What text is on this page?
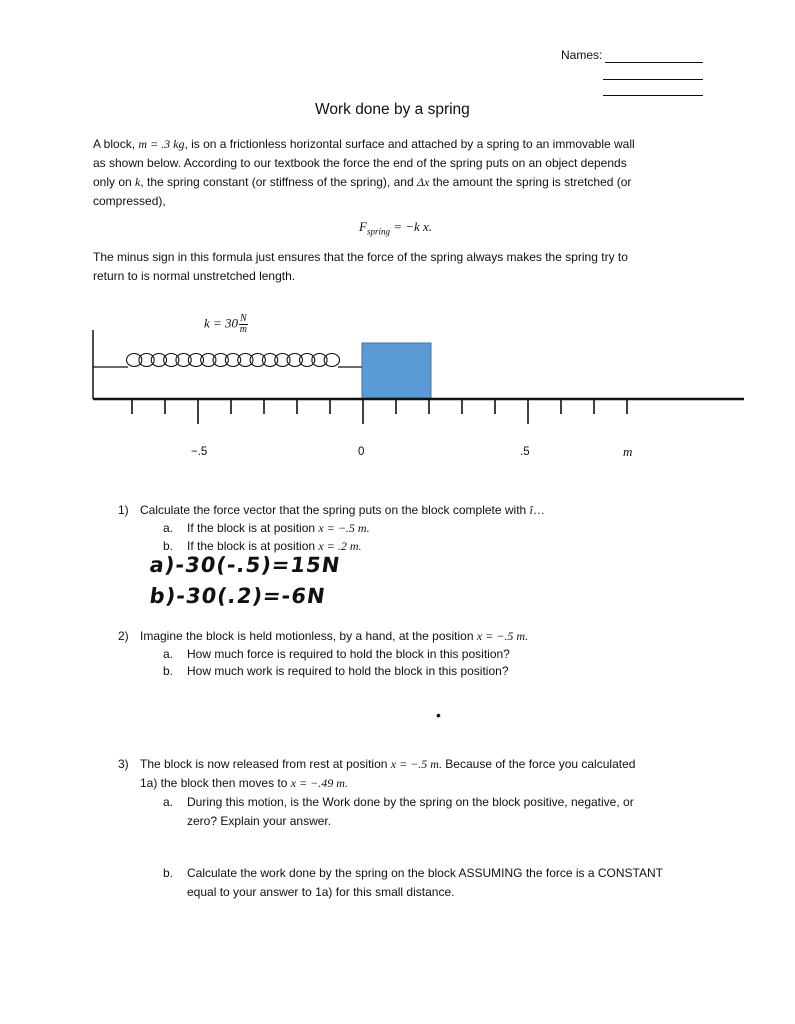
Names:
Work done by a spring
A block, m = .3 kg, is on a frictionless horizontal surface and attached by a spring to an immovable wall
as shown below. According to our textbook the force the end of the spring puts on an object depends
only on k, the spring constant (or stiffness of the spring), and Δx the amount the spring is stretched (or
compressed),
$F_{spring} = -k$ x.
The minus sign in this formula just ensures that the force of the spring always makes the spring try to
return to is normal unstretched length.
$k = 30 \frac{N}{m}$
−.5	0	.5	m
1) Calculate the force vector that the spring puts on the block complete with î…
a. If the block is at position x = −.5 m.
b. If the block is at position x = .2 m.
a)-30(-.5)=15N
b)-30(.2)=-6N
2) Imagine the block is held motionless, by a hand, at the position x = −.5 m.
a. How much force is required to hold the block in this position?
b. How much work is required to hold the block in this position?
•
3) The block is now released from rest at position x = −.5 m. Because of the force you calculated
1a) the block then moves to x = −.49 m.
a. During this motion, is the Work done by the spring on the block positive, negative, or
zero? Explain your answer.
b. Calculate the work done by the spring on the block ASSUMING the force is a CONSTANT
equal to your answer to 1a) for this small distance.
